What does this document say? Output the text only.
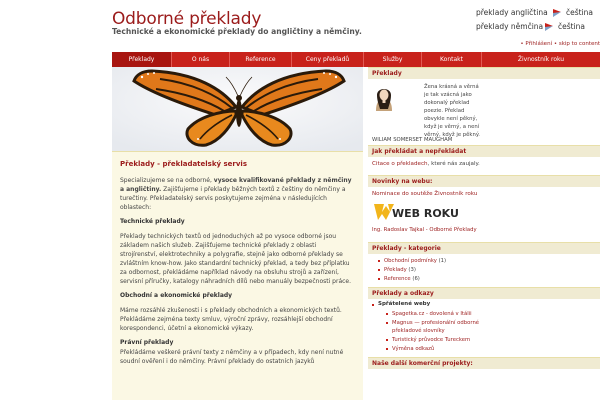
Odborné překlady
Technické a ekonomické překlady do angličtiny a němčiny.
překlady angličtina čeština
překlady němčina čeština
• Přihlášení • skip to content
Překlady	O nás	Reference	Ceny překladů	Služby	Kontakt	Živnostník roku
Překlady - překladatelský servis

Specializujeme se na odborné, vysoce kvalifikované překlady z němčiny a angličtiny. Zajišťujeme i překlady běžných textů z češtiny do němčiny a turečtiny. Překladatelský servis poskytujeme zejména v následujících oblastech:

Technické překlady

Překlady technických textů od jednoduchých až po vysoce odborné jsou základem našich služeb. Zajišťujeme technické překlady z oblasti strojírenství, elektrotechniky a polygrafie, stejně jako odborné překlady se zvláštním know-how. Jako standardní technický překlad, a tedy bez příplatku za odbornost, překládáme například návody na obsluhu strojů a zařízení, servisní příručky, katalogy náhradních dílů nebo manuály bezpečnosti práce.

Obchodní a ekonomické překlady

Máme rozsáhlé zkušenosti i s překlady obchodních a ekonomických textů. Překládáme zejména texty smluv, výroční zprávy, rozsáhlejší obchodní korespondenci, účetní a ekonomické výkazy.

Právní překlady

Překládáme veškeré právní texty z němčiny a v případech, kdy není nutné soudní ověření i do němčiny. Právní překlady do ostatních jazyků

Překlady
Žena krásná a věrná je tak vzácná jako dokonalý překlad poezie. Překlad obvykle není pěkný, když je věrný, a není věrný, když je pěkný.
WILIAM SOMERSET MAUGHAM
Jak překládat a nepřekládat
Citace o překladech, které nás zaujaly.
Novinky na webu:
Nominace do soutěže Živnostník roku
WEB ROKU
Ing. Radoslav Tajkal - Odborné Překlady
Překlady - kategorie
Obchodní podmínky (1)
Překlady (3)
Reference (6)
Překlady a odkazy
Spřátelené weby
Spagetka.cz - dovolená v Itálii
Magnus — profesionální odborné překladové slovníky
Turistický průvodce Tureckem
Výměna odkazů
Naše další komerční projekty:
